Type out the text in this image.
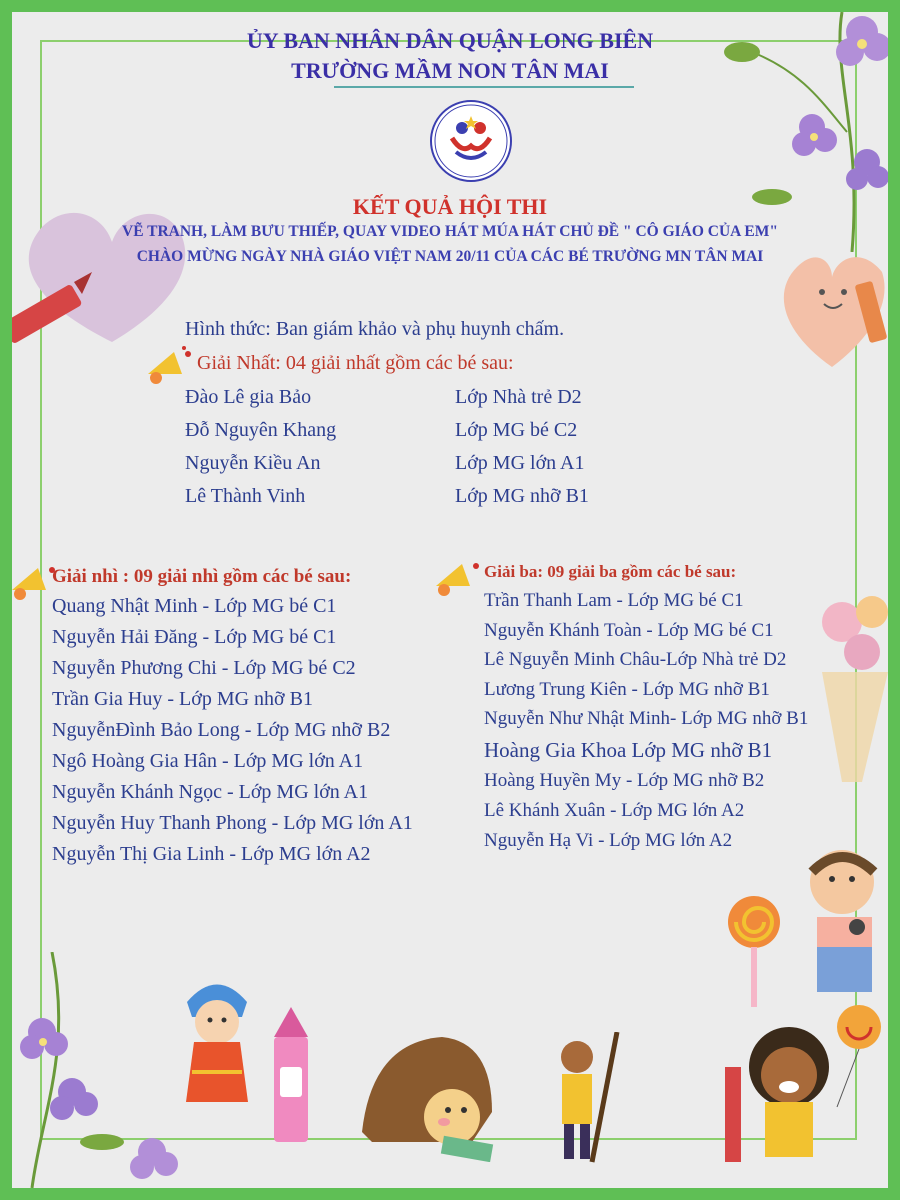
ỦY BAN NHÂN DÂN QUẬN LONG BIÊN
TRƯỜNG MẦM NON TÂN MAI
KẾT QUẢ HỘI THI
VẼ TRANH, LÀM BƯU THIẾP, QUAY VIDEO HÁT MÚA HÁT CHỦ ĐỀ " CÔ GIÁO CỦA EM"
CHÀO MỪNG NGÀY NHÀ GIÁO VIỆT NAM 20/11 CỦA CÁC BÉ TRƯỜNG MN TÂN MAI
Hình thức: Ban giám khảo và phụ huynh chấm.
Giải Nhất: 04 giải nhất gồm các bé sau:
Đào Lê gia Bảo	Lớp Nhà trẻ D2
Đỗ Nguyên Khang	Lớp MG bé C2
Nguyễn Kiều An	Lớp MG lớn A1
Lê Thành Vinh	Lớp MG nhỡ B1
Giải nhì : 09 giải nhì gồm các bé sau:
Quang Nhật Minh - Lớp MG bé C1
Nguyễn Hải Đăng - Lớp MG bé C1
Nguyễn Phương Chi - Lớp MG bé C2
Trần Gia Huy - Lớp MG nhỡ B1
NguyễnĐình Bảo Long - Lớp MG nhỡ B2
Ngô Hoàng Gia Hân - Lớp MG lớn A1
Nguyễn Khánh Ngọc - Lớp MG lớn A1
Nguyễn Huy Thanh Phong - Lớp MG lớn A1
Nguyễn Thị Gia Linh - Lớp MG lớn A2
Giải ba: 09 giải ba gồm các bé sau:
Trần Thanh Lam - Lớp MG bé C1
Nguyễn Khánh Toàn - Lớp MG bé C1
Lê Nguyễn Minh Châu-Lớp Nhà trẻ D2
Lương Trung Kiên - Lớp MG nhỡ B1
Nguyễn Như Nhật Minh- Lớp MG nhỡ B1
Hoàng Gia Khoa Lớp MG nhỡ B1
Hoàng Huyền My - Lớp MG nhỡ B2
Lê Khánh Xuân - Lớp MG lớn A2
Nguyễn Hạ Vi - Lớp MG lớn A2
